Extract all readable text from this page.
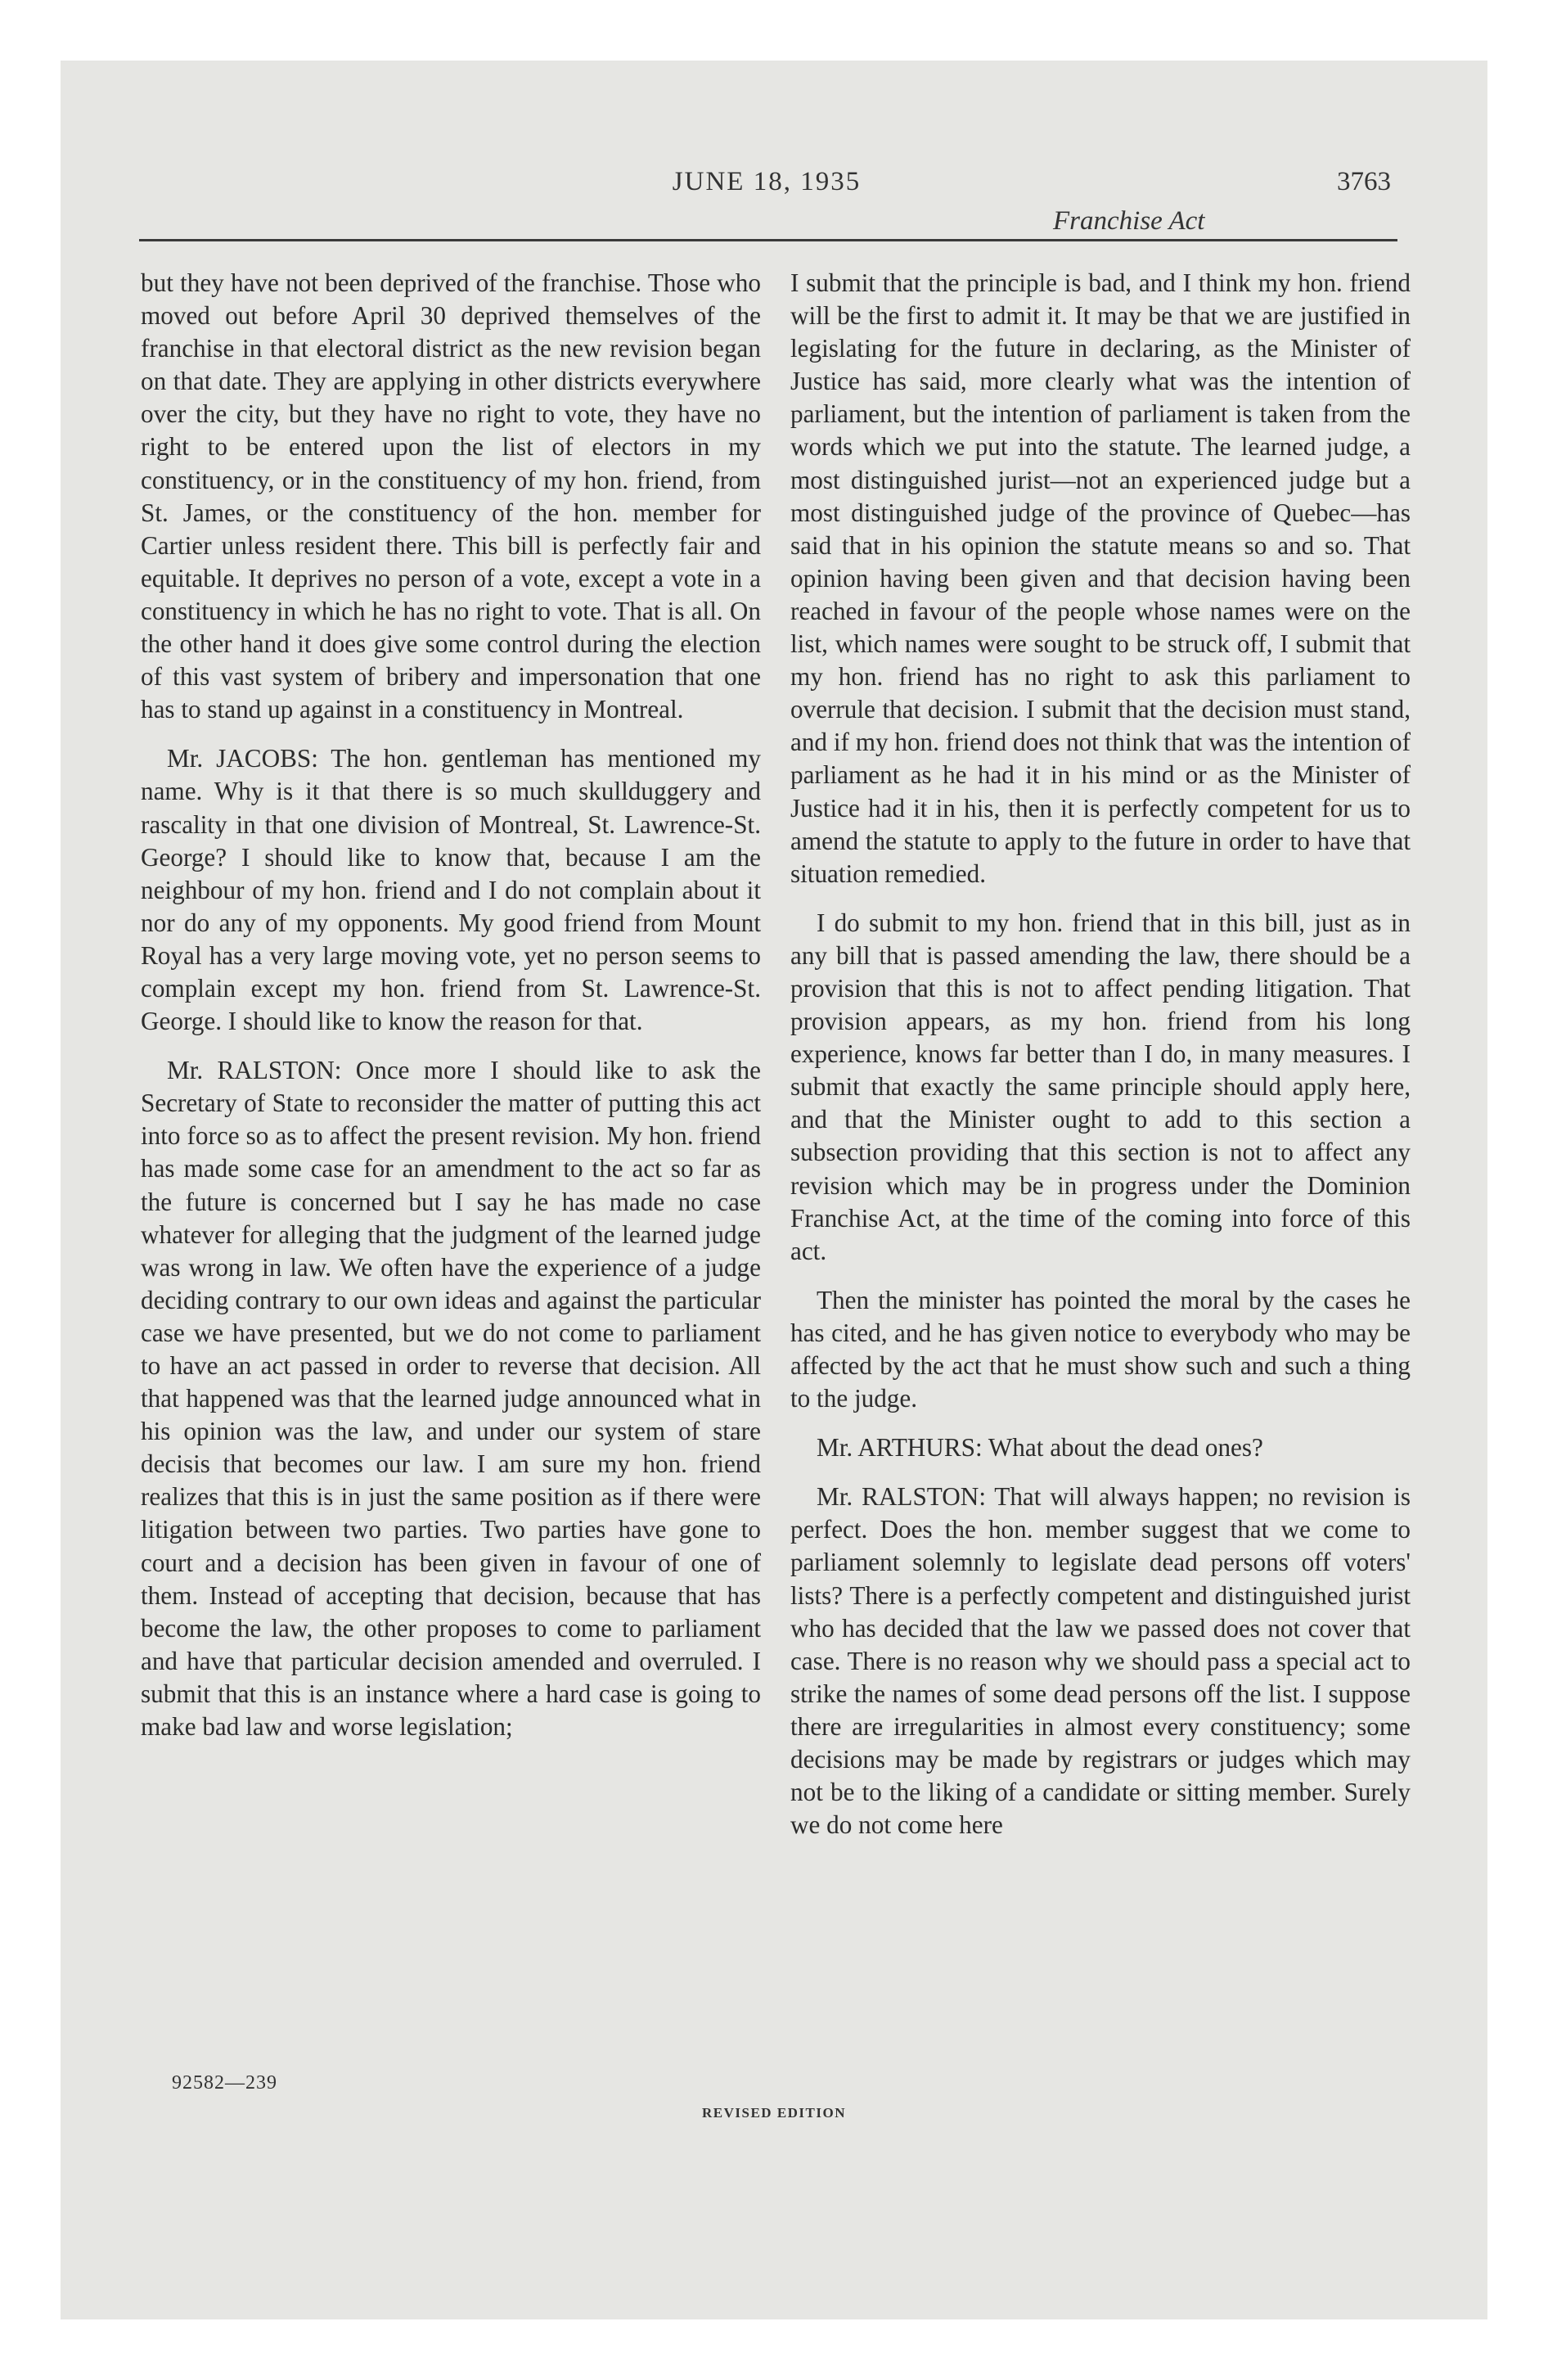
JUNE 18, 1935	3763
Franchise Act

but they have not been deprived of the franchise. Those who moved out before April 30 deprived themselves of the franchise in that electoral district as the new revision began on that date. They are applying in other districts everywhere over the city, but they have no right to vote, they have no right to be entered upon the list of electors in my constituency, or in the constituency of my hon. friend, from St. James, or the constituency of the hon. member for Cartier unless resident there. This bill is perfectly fair and equitable. It deprives no person of a vote, except a vote in a constituency in which he has no right to vote. That is all. On the other hand it does give some control during the election of this vast system of bribery and impersonation that one has to stand up against in a constituency in Montreal.

Mr. JACOBS: The hon. gentleman has mentioned my name. Why is it that there is so much skullduggery and rascality in that one division of Montreal, St. Lawrence-St. George? I should like to know that, because I am the neighbour of my hon. friend and I do not complain about it nor do any of my opponents. My good friend from Mount Royal has a very large moving vote, yet no person seems to complain except my hon. friend from St. Lawrence-St. George. I should like to know the reason for that.

Mr. RALSTON: Once more I should like to ask the Secretary of State to reconsider the matter of putting this act into force so as to affect the present revision. My hon. friend has made some case for an amendment to the act so far as the future is concerned but I say he has made no case whatever for alleging that the judgment of the learned judge was wrong in law. We often have the experience of a judge deciding contrary to our own ideas and against the particular case we have presented, but we do not come to parliament to have an act passed in order to reverse that decision. All that happened was that the learned judge announced what in his opinion was the law, and under our system of stare decisis that becomes our law. I am sure my hon. friend realizes that this is in just the same position as if there were litigation between two parties. Two parties have gone to court and a decision has been given in favour of one of them. Instead of accepting that decision, because that has become the law, the other proposes to come to parliament and have that particular decision amended and overruled. I submit that this is an instance where a hard case is going to make bad law and worse legislation;

I submit that the principle is bad, and I think my hon. friend will be the first to admit it. It may be that we are justified in legislating for the future in declaring, as the Minister of Justice has said, more clearly what was the intention of parliament, but the intention of parliament is taken from the words which we put into the statute. The learned judge, a most distinguished jurist—not an experienced judge but a most distinguished judge of the province of Quebec—has said that in his opinion the statute means so and so. That opinion having been given and that decision having been reached in favour of the people whose names were on the list, which names were sought to be struck off, I submit that my hon. friend has no right to ask this parliament to overrule that decision. I submit that the decision must stand, and if my hon. friend does not think that was the intention of parliament as he had it in his mind or as the Minister of Justice had it in his, then it is perfectly competent for us to amend the statute to apply to the future in order to have that situation remedied.

I do submit to my hon. friend that in this bill, just as in any bill that is passed amending the law, there should be a provision that this is not to affect pending litigation. That provision appears, as my hon. friend from his long experience, knows far better than I do, in many measures. I submit that exactly the same principle should apply here, and that the Minister ought to add to this section a subsection providing that this section is not to affect any revision which may be in progress under the Dominion Franchise Act, at the time of the coming into force of this act.

Then the minister has pointed the moral by the cases he has cited, and he has given notice to everybody who may be affected by the act that he must show such and such a thing to the judge.

Mr. ARTHURS: What about the dead ones?

Mr. RALSTON: That will always happen; no revision is perfect. Does the hon. member suggest that we come to parliament solemnly to legislate dead persons off voters' lists? There is a perfectly competent and distinguished jurist who has decided that the law we passed does not cover that case. There is no reason why we should pass a special act to strike the names of some dead persons off the list. I suppose there are irregularities in almost every constituency; some decisions may be made by registrars or judges which may not be to the liking of a candidate or sitting member. Surely we do not come here

92582—239
REVISED EDITION
